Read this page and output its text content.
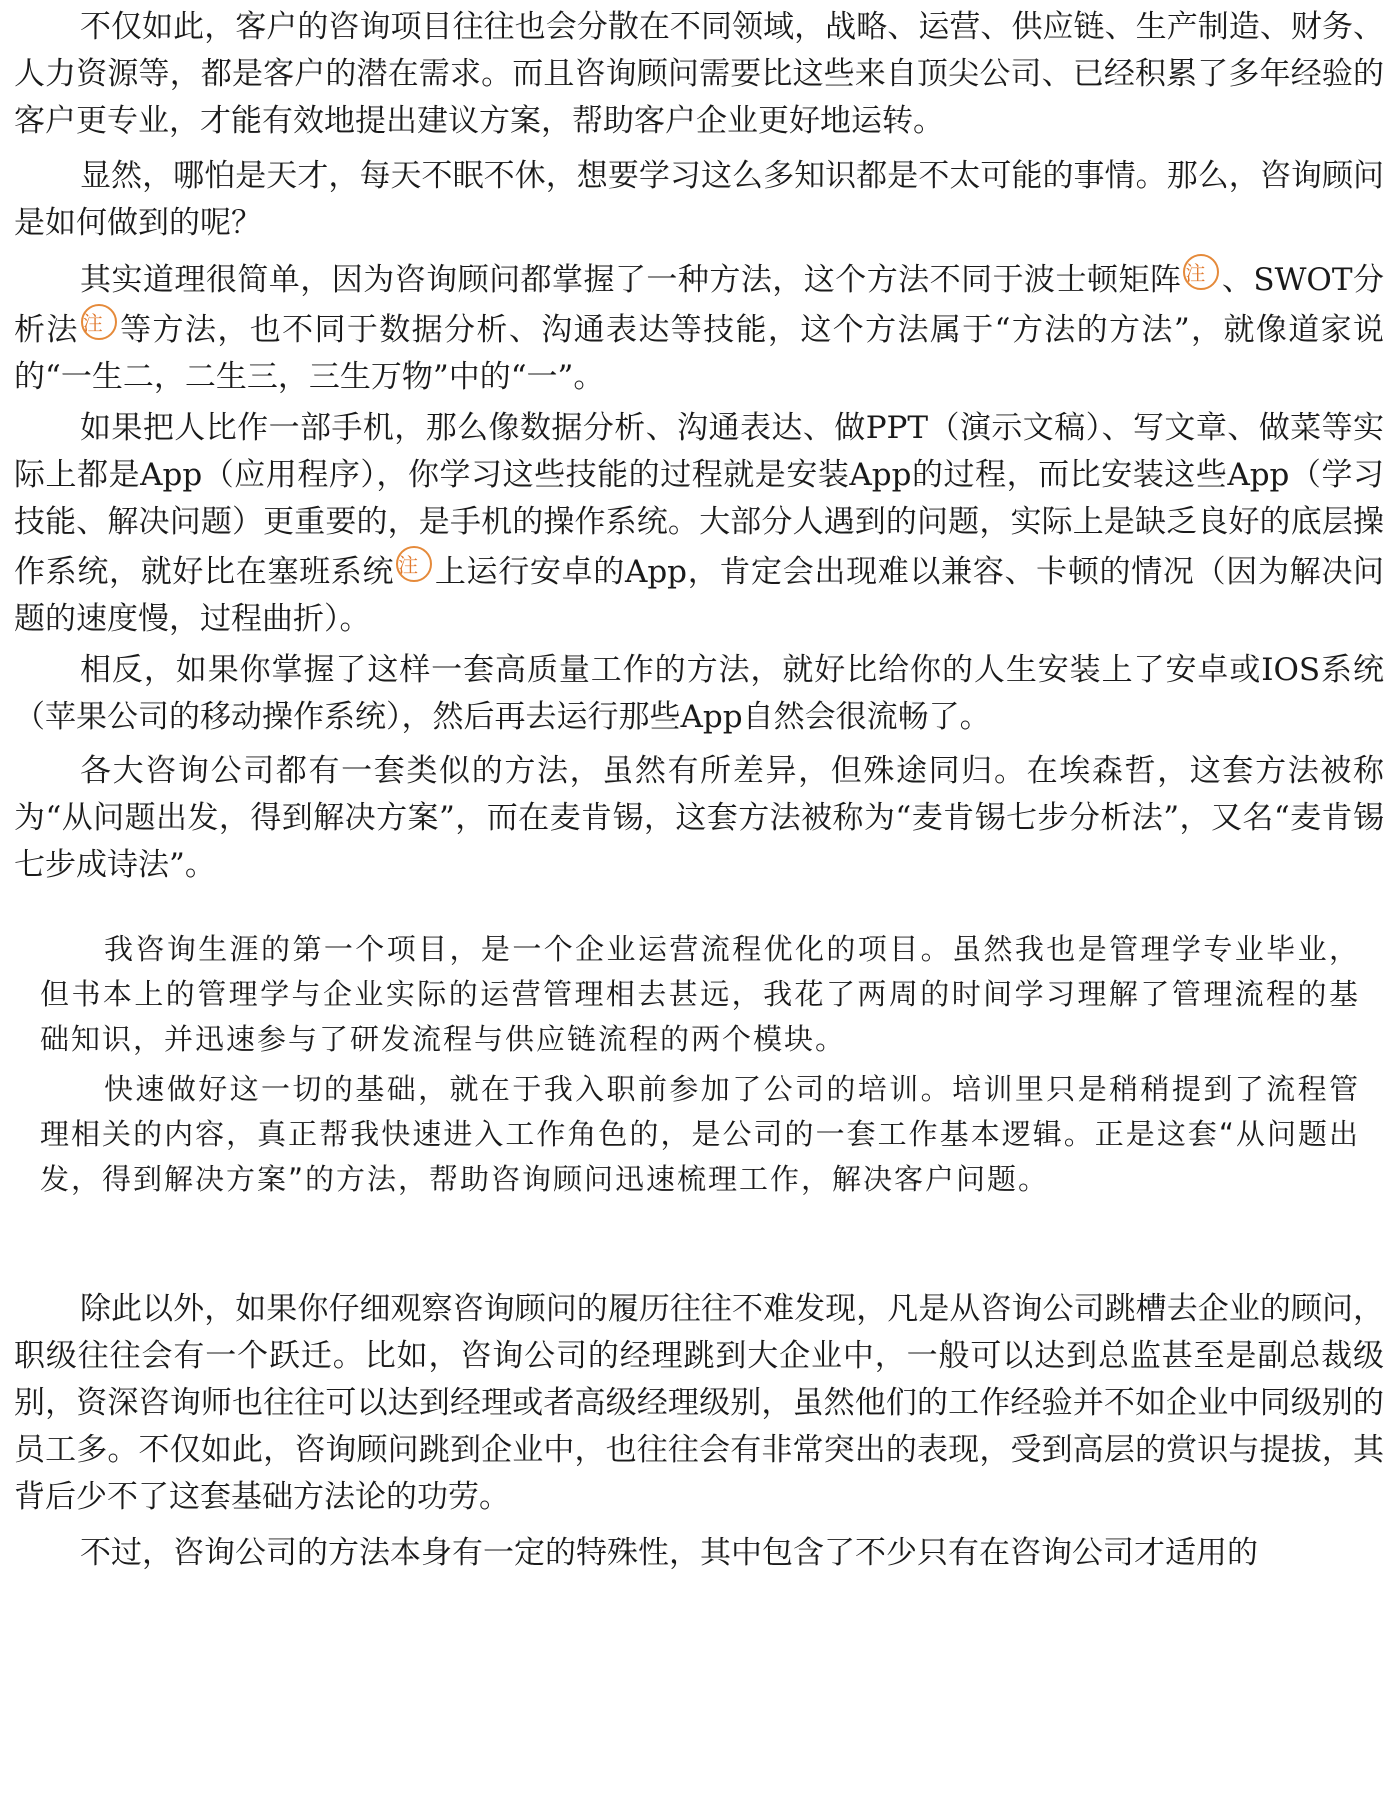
不仅如此，客户的咨询项目往往也会分散在不同领域，战略、运营、供应链、生产制造、财务、人力资源等，都是客户的潜在需求。而且咨询顾问需要比这些来自顶尖公司、已经积累了多年经验的客户更专业，才能有效地提出建议方案，帮助客户企业更好地运转。

显然，哪怕是天才，每天不眠不休，想要学习这么多知识都是不太可能的事情。那么，咨询顾问是如何做到的呢？

其实道理很简单，因为咨询顾问都掌握了一种方法，这个方法不同于波士顿矩阵 注 、SWOT分析法 注 等方法，也不同于数据分析、沟通表达等技能，这个方法属于“方法的方法”，就像道家说的“一生二，二生三，三生万物”中的“一”。

如果把人比作一部手机，那么像数据分析、沟通表达、做PPT（演示文稿）、写文章、做菜等实际上都是App（应用程序），你学习这些技能的过程就是安装App的过程，而比安装这些App（学习技能、解决问题）更重要的，是手机的操作系统。大部分人遇到的问题，实际上是缺乏良好的底层操作系统，就好比在塞班系统 注 上运行安卓的App，肯定会出现难以兼容、卡顿的情况（因为解决问题的速度慢，过程曲折）。

相反，如果你掌握了这样一套高质量工作的方法，就好比给你的人生安装上了安卓或IOS系统（苹果公司的移动操作系统），然后再去运行那些App自然会很流畅了。

各大咨询公司都有一套类似的方法，虽然有所差异，但殊途同归。在埃森哲，这套方法被称为“从问题出发，得到解决方案”，而在麦肯锡，这套方法被称为“麦肯锡七步分析法”，又名“麦肯锡七步成诗法”。

我咨询生涯的第一个项目，是一个企业运营流程优化的项目。虽然我也是管理学专业毕业，但书本上的管理学与企业实际的运营管理相去甚远，我花了两周的时间学习理解了管理流程的基础知识，并迅速参与了研发流程与供应链流程的两个模块。

快速做好这一切的基础，就在于我入职前参加了公司的培训。培训里只是稍稍提到了流程管理相关的内容，真正帮我快速进入工作角色的，是公司的一套工作基本逻辑。正是这套“从问题出发，得到解决方案”的方法，帮助咨询顾问迅速梳理工作，解决客户问题。

除此以外，如果你仔细观察咨询顾问的履历往往不难发现，凡是从咨询公司跳槽去企业的顾问，职级往往会有一个跃迁。比如，咨询公司的经理跳到大企业中，一般可以达到总监甚至是副总裁级别，资深咨询师也往往可以达到经理或者高级经理级别，虽然他们的工作经验并不如企业中同级别的员工多。不仅如此，咨询顾问跳到企业中，也往往会有非常突出的表现，受到高层的赏识与提拔，其背后少不了这套基础方法论的功劳。

不过，咨询公司的方法本身有一定的特殊性，其中包含了不少只有在咨询公司才适用的
